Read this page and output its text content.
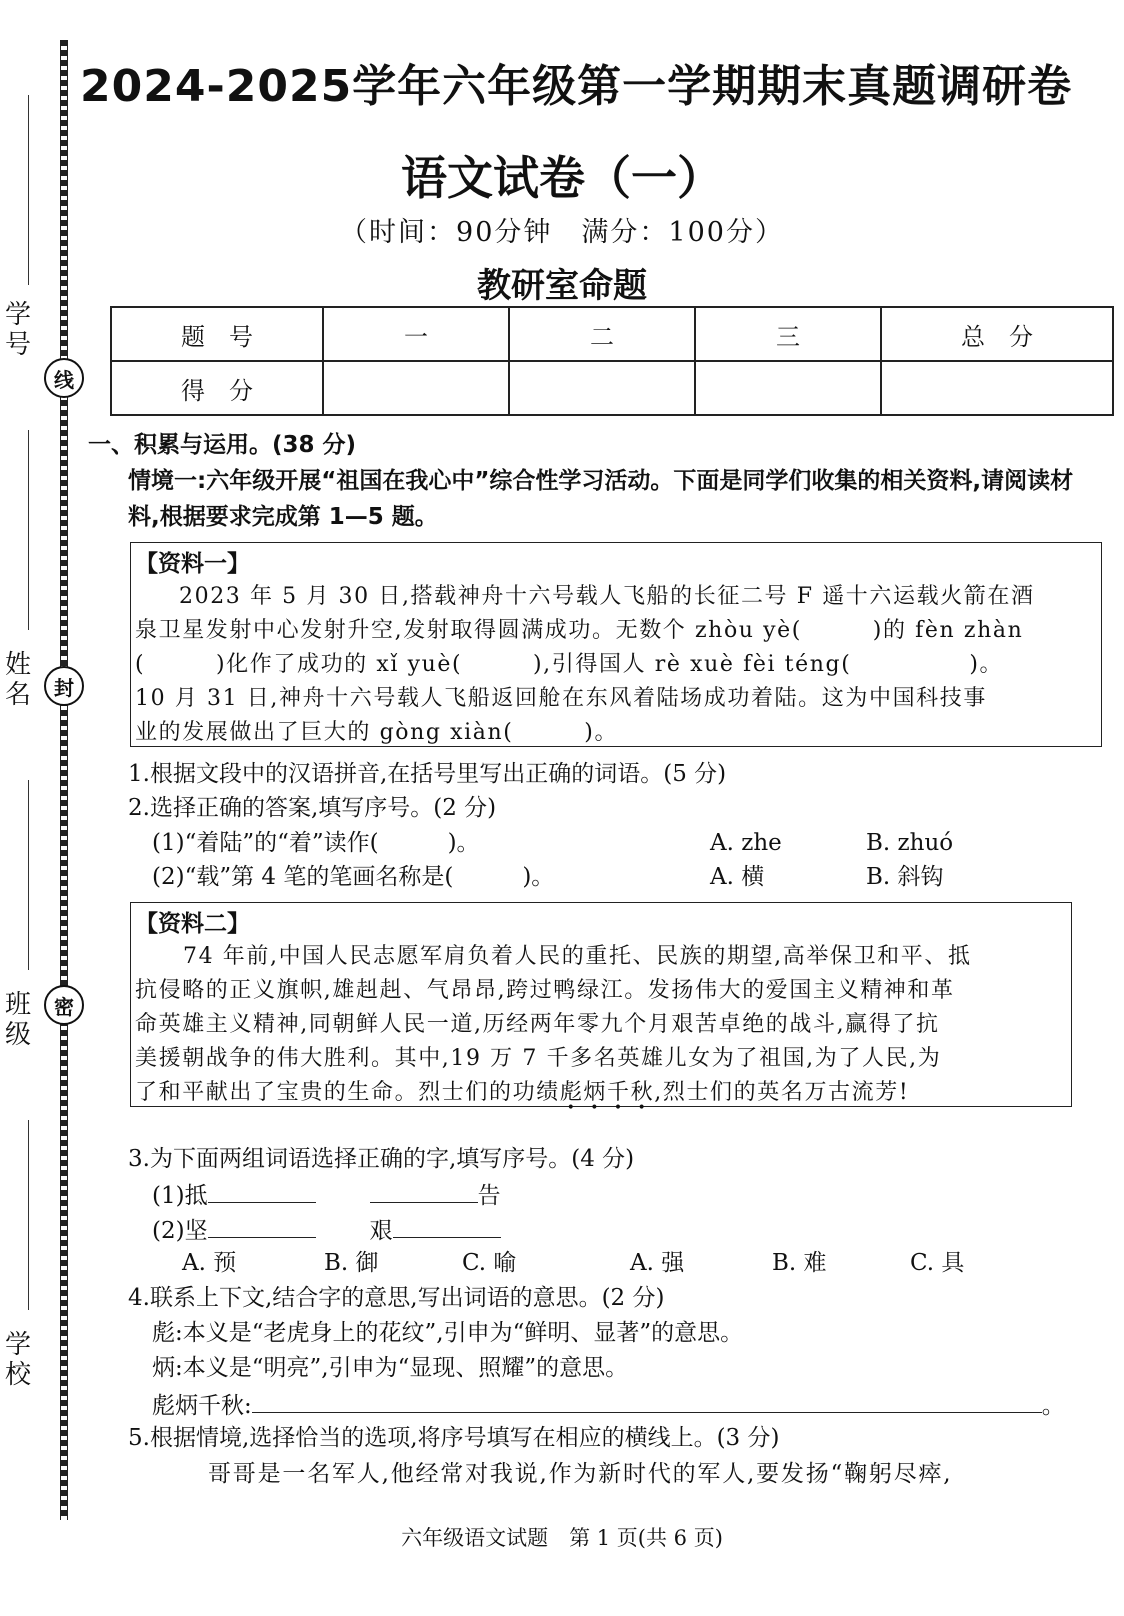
学号
姓名
班级
学校
线
封
密
2024-2025学年六年级第一学期期末真题调研卷
语文试卷（一）
（时间：90分钟　满分：100分）
教研室命题
题　号	一	二	三	总　分
得　分				
一、积累与运用。(38 分)
情境一:六年级开展“祖国在我心中”综合性学习活动。下面是同学们收集的相关资料,请阅读材料,根据要求完成第 1—5 题。
【资料一】
2023 年 5 月 30 日,搭载神舟十六号载人飞船的长征二号 F 遥十六运载火箭在酒
泉卫星发射中心发射升空,发射取得圆满成功。无数个 zhòu yè(　　　)的 fèn zhàn
(　　　)化作了成功的 xǐ yuè(　　　),引得国人 rè xuè fèi téng(　　　　　)。
10 月 31 日,神舟十六号载人飞船返回舱在东风着陆场成功着陆。这为中国科技事
业的发展做出了巨大的 gòng xiàn(　　　)。
1.根据文段中的汉语拼音,在括号里写出正确的词语。(5 分)
2.选择正确的答案,填写序号。(2 分)
(1)“着陆”的“着”读作(　　　)。	A. zhe	B. zhuó
(2)“载”第 4 笔的笔画名称是(　　　)。	A. 横	B. 斜钩
【资料二】
74 年前,中国人民志愿军肩负着人民的重托、民族的期望,高举保卫和平、抵
抗侵略的正义旗帜,雄赳赳、气昂昂,跨过鸭绿江。发扬伟大的爱国主义精神和革
命英雄主义精神,同朝鲜人民一道,历经两年零九个月艰苦卓绝的战斗,赢得了抗
美援朝战争的伟大胜利。其中,19 万 7 千多名英雄儿女为了祖国,为了人民,为
了和平献出了宝贵的生命。烈士们的功绩彪炳千秋,烈士们的英名万古流芳!
3.为下面两组词语选择正确的字,填写序号。(4 分)
(1)抵	告
(2)坚	艰
A. 预	B. 御	C. 喻	A. 强	B. 难	C. 具
4.联系上下文,结合字的意思,写出词语的意思。(2 分)
彪:本义是“老虎身上的花纹”,引申为“鲜明、显著”的意思。
炳:本义是“明亮”,引申为“显现、照耀”的意思。
彪炳千秋:	。
5.根据情境,选择恰当的选项,将序号填写在相应的横线上。(3 分)
哥哥是一名军人,他经常对我说,作为新时代的军人,要发扬“鞠躬尽瘁,
六年级语文试题　第 1 页(共 6 页)
